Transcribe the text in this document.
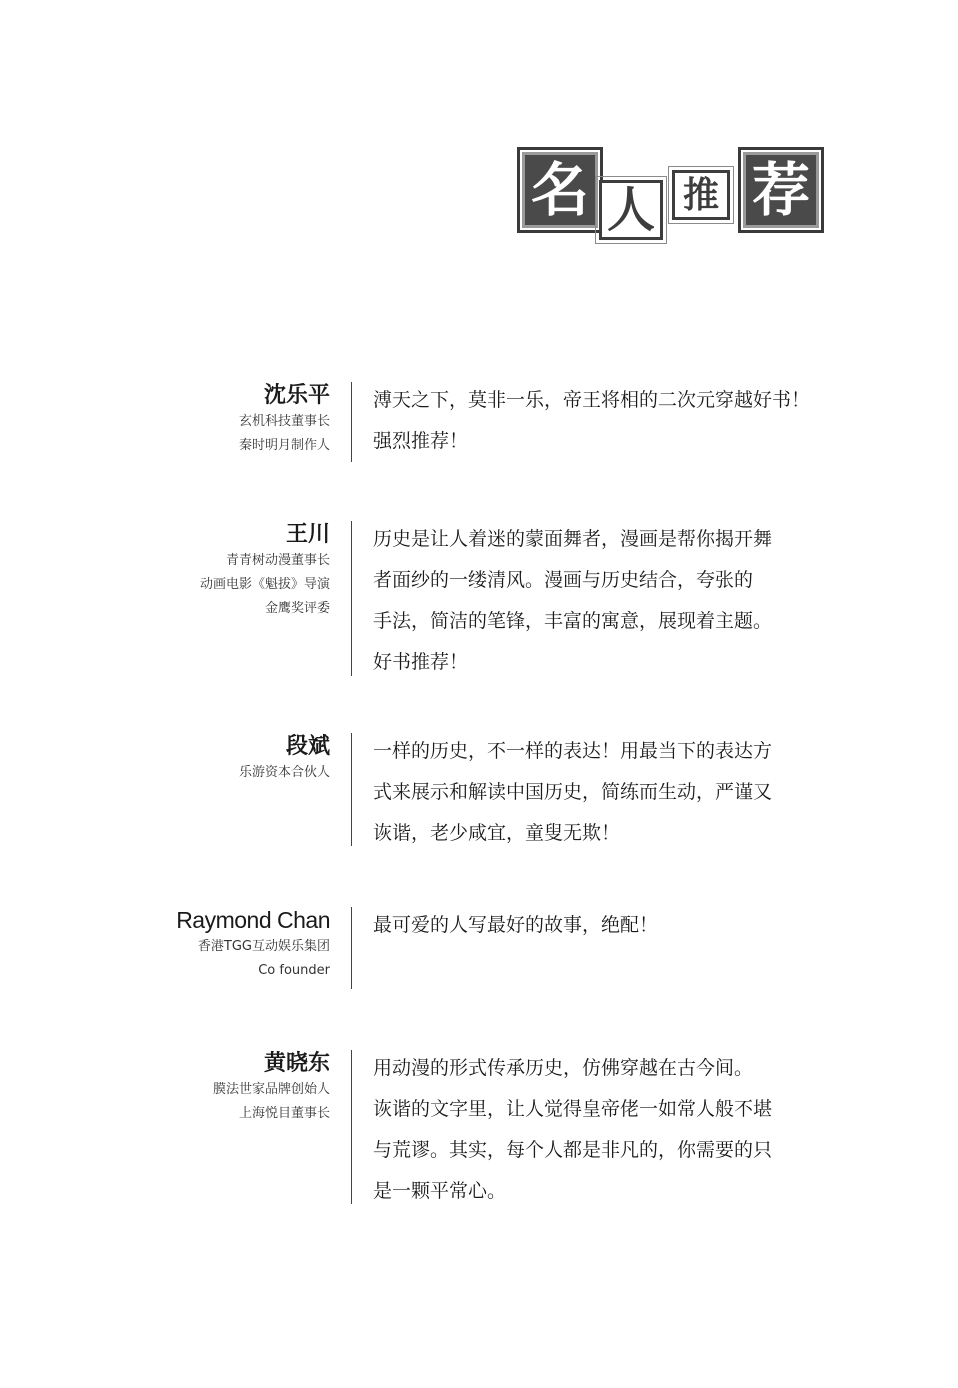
名 人 推 荐
沈乐平
玄机科技董事长
秦时明月制作人
溥天之下，莫非一乐，帝王将相的二次元穿越好书！
强烈推荐！
王川
青青树动漫董事长
动画电影《魁拔》导演
金鹰奖评委
历史是让人着迷的蒙面舞者，漫画是帮你揭开舞
者面纱的一缕清风。漫画与历史结合，夸张的
手法，简洁的笔锋，丰富的寓意，展现着主题。
好书推荐！
段斌
乐游资本合伙人
一样的历史，不一样的表达！用最当下的表达方
式来展示和解读中国历史，简练而生动，严谨又
诙谐，老少咸宜，童叟无欺！
Raymond Chan
香港TGG互动娱乐集团
Co founder
最可爱的人写最好的故事，绝配！
黄晓东
膜法世家品牌创始人
上海悦目董事长
用动漫的形式传承历史，仿佛穿越在古今间。
诙谐的文字里，让人觉得皇帝佬一如常人般不堪
与荒谬。其实，每个人都是非凡的，你需要的只
是一颗平常心。
